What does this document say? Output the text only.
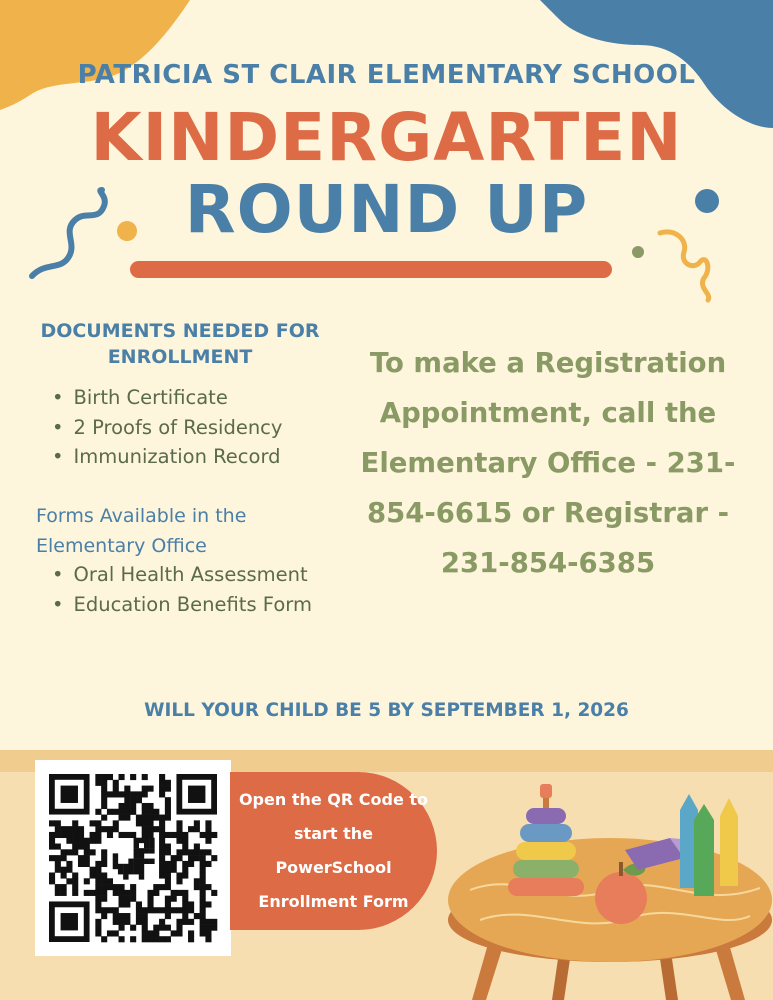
PATRICIA ST CLAIR ELEMENTARY SCHOOL
KINDERGARTEN
ROUND UP
DOCUMENTS NEEDED FOR ENROLLMENT
• Birth Certificate
• 2 Proofs of Residency
• Immunization Record
Forms Available in the Elementary Office
• Oral Health Assessment
• Education Benefits Form
To make a Registration Appointment, call the Elementary Office - 231-854-6615 or Registrar - 231-854-6385
WILL YOUR CHILD BE 5 BY SEPTEMBER 1, 2026
Open the QR Code to start the PowerSchool Enrollment Form
